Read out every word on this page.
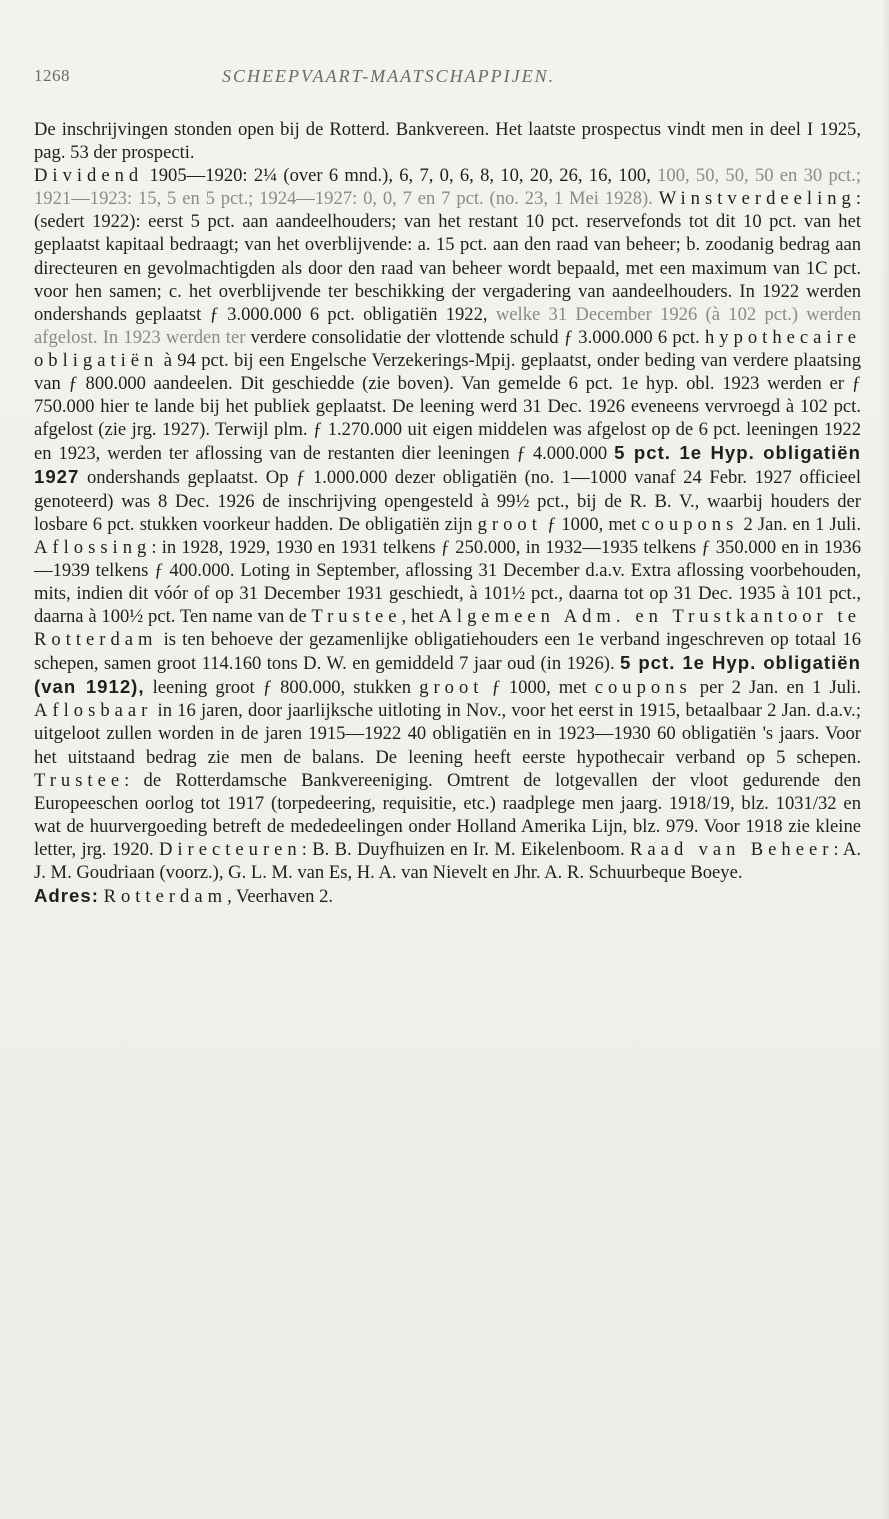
1268	SCHEEPVAART-MAATSCHAPPIJEN.

De inschrijvingen stonden open bij de Rotterd. Bankvereen. Het laatste prospectus vindt men in deel I 1925, pag. 53 der prospecti.

Dividend 1905—1920: 2¼ (over 6 mnd.), 6, 7, 0, 6, 8, 10, 20, 26, 16, 100, 100, 50, 50, 50 en 30 pct.; 1921—1923: 15, 5 en 5 pct.; 1924—1927: 0, 0, 7 en 7 pct. (no. 23, 1 Mei 1928). Winstverdeeling: (sedert 1922): eerst 5 pct. aan aandeelhouders; van het restant 10 pct. reservefonds tot dit 10 pct. van het geplaatst kapitaal bedraagt; van het overblijvende: a. 15 pct. aan den raad van beheer; b. zoodanig bedrag aan directeuren en gevolmachtigden als door den raad van beheer wordt bepaald, met een maximum van 1C pct. voor hen samen; c. het overblijvende ter beschikking der vergadering van aandeelhouders. In 1922 werden ondershands geplaatst ƒ 3.000.000 6 pct. obligatiën 1922, welke 31 December 1926 (à 102 pct.) werden afgelost. In 1923 werden ter verdere consolidatie der vlottende schuld ƒ 3.000.000 6 pct. hypothecaire obligatiën à 94 pct. bij een Engelsche Verzekerings-Mpij. geplaatst, onder beding van verdere plaatsing van ƒ 800.000 aandeelen. Dit geschiedde (zie boven). Van gemelde 6 pct. 1e hyp. obl. 1923 werden er ƒ 750.000 hier te lande bij het publiek geplaatst. De leening werd 31 Dec. 1926 eveneens vervroegd à 102 pct. afgelost (zie jrg. 1927). Terwijl plm. ƒ 1.270.000 uit eigen middelen was afgelost op de 6 pct. leeningen 1922 en 1923, werden ter aflossing van de restanten dier leeningen ƒ 4.000.000 5 pct. 1e Hyp. obligatiën 1927 ondershands geplaatst. Op ƒ 1.000.000 dezer obligatiën (no. 1—1000 vanaf 24 Febr. 1927 officieel genoteerd) was 8 Dec. 1926 de inschrijving opengesteld à 99½ pct., bij de R. B. V., waarbij houders der losbare 6 pct. stukken voorkeur hadden. De obligatiën zijn groot ƒ 1000, met coupons 2 Jan. en 1 Juli. Aflossing: in 1928, 1929, 1930 en 1931 telkens ƒ 250.000, in 1932—1935 telkens ƒ 350.000 en in 1936—1939 telkens ƒ 400.000. Loting in September, aflossing 31 December d.a.v. Extra aflossing voorbehouden, mits, indien dit vóór of op 31 December 1931 geschiedt, à 101½ pct., daarna tot op 31 Dec. 1935 à 101 pct., daarna à 100½ pct. Ten name van de Trustee, het Algemeen Adm. en Trustkantoor te Rotterdam is ten behoeve der gezamenlijke obligatiehouders een 1e verband ingeschreven op totaal 16 schepen, samen groot 114.160 tons D. W. en gemiddeld 7 jaar oud (in 1926). 5 pct. 1e Hyp. obligatiën (van 1912), leening groot ƒ 800.000, stukken groot ƒ 1000, met coupons per 2 Jan. en 1 Juli. Aflosbaar in 16 jaren, door jaarlijksche uitloting in Nov., voor het eerst in 1915, betaalbaar 2 Jan. d.a.v.; uitgeloot zullen worden in de jaren 1915—1922 40 obligatiën en in 1923—1930 60 obligatiën 's jaars. Voor het uitstaand bedrag zie men de balans. De leening heeft eerste hypothecair verband op 5 schepen. Trustee: de Rotterdamsche Bankvereeniging. Omtrent de lotgevallen der vloot gedurende den Europeeschen oorlog tot 1917 (torpedeering, requisitie, etc.) raadplege men jaarg. 1918/19, blz. 1031/32 en wat de huurvergoeding betreft de mededeelingen onder Holland Amerika Lijn, blz. 979. Voor 1918 zie kleine letter, jrg. 1920. Directeuren: B. B. Duyfhuizen en Ir. M. Eikelenboom. Raad van Beheer: A. J. M. Goudriaan (voorz.), G. L. M. van Es, H. A. van Nievelt en Jhr. A. R. Schuurbeque Boeye.

Adres: Rotterdam, Veerhaven 2.
